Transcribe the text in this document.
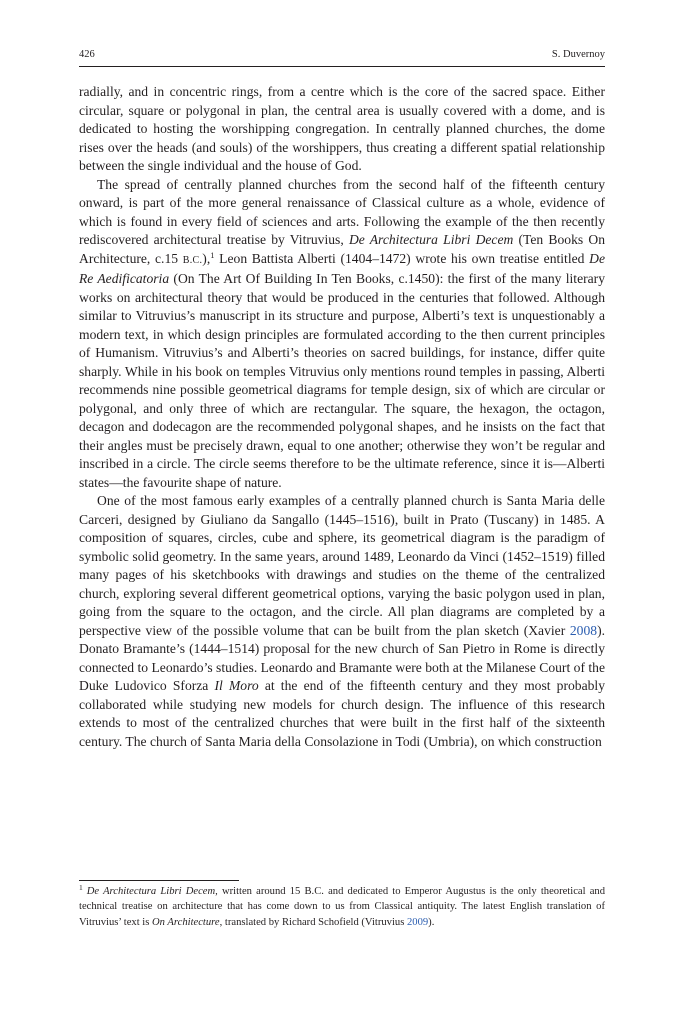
426	S. Duvernoy

radially, and in concentric rings, from a centre which is the core of the sacred space. Either circular, square or polygonal in plan, the central area is usually covered with a dome, and is dedicated to hosting the worshipping congregation. In centrally planned churches, the dome rises over the heads (and souls) of the worshippers, thus creating a different spatial relationship between the single individual and the house of God.

The spread of centrally planned churches from the second half of the fifteenth century onward, is part of the more general renaissance of Classical culture as a whole, evidence of which is found in every field of sciences and arts. Following the example of the then recently rediscovered architectural treatise by Vitruvius, De Architectura Libri Decem (Ten Books On Architecture, c.15 B.C.),$^1$ Leon Battista Alberti (1404–1472) wrote his own treatise entitled De Re Aedificatoria (On The Art Of Building In Ten Books, c.1450): the first of the many literary works on architectural theory that would be produced in the centuries that followed. Although similar to Vitruvius’s manuscript in its structure and purpose, Alberti’s text is unquestionably a modern text, in which design principles are formulated according to the then current principles of Humanism. Vitruvius’s and Alberti’s theories on sacred buildings, for instance, differ quite sharply. While in his book on temples Vitruvius only mentions round temples in passing, Alberti recommends nine possible geometrical diagrams for temple design, six of which are circular or polygonal, and only three of which are rectangular. The square, the hexagon, the octagon, decagon and dodecagon are the recommended polygonal shapes, and he insists on the fact that their angles must be precisely drawn, equal to one another; otherwise they won’t be regular and inscribed in a circle. The circle seems therefore to be the ultimate reference, since it is—Alberti states—the favourite shape of nature.

One of the most famous early examples of a centrally planned church is Santa Maria delle Carceri, designed by Giuliano da Sangallo (1445–1516), built in Prato (Tuscany) in 1485. A composition of squares, circles, cube and sphere, its geometrical diagram is the paradigm of symbolic solid geometry. In the same years, around 1489, Leonardo da Vinci (1452–1519) filled many pages of his sketchbooks with drawings and studies on the theme of the centralized church, exploring several different geometrical options, varying the basic polygon used in plan, going from the square to the octagon, and the circle. All plan diagrams are completed by a perspective view of the possible volume that can be built from the plan sketch (Xavier 2008). Donato Bramante’s (1444–1514) proposal for the new church of San Pietro in Rome is directly connected to Leonardo’s studies. Leonardo and Bramante were both at the Milanese Court of the Duke Ludovico Sforza Il Moro at the end of the fifteenth century and they most probably collaborated while studying new models for church design. The influence of this research extends to most of the centralized churches that were built in the first half of the sixteenth century. The church of Santa Maria della Consolazione in Todi (Umbria), on which construction

$^1$ De Architectura Libri Decem, written around 15 B.C. and dedicated to Emperor Augustus is the only theoretical and technical treatise on architecture that has come down to us from Classical antiquity. The latest English translation of Vitruvius’ text is On Architecture, translated by Richard Schofield (Vitruvius 2009).
